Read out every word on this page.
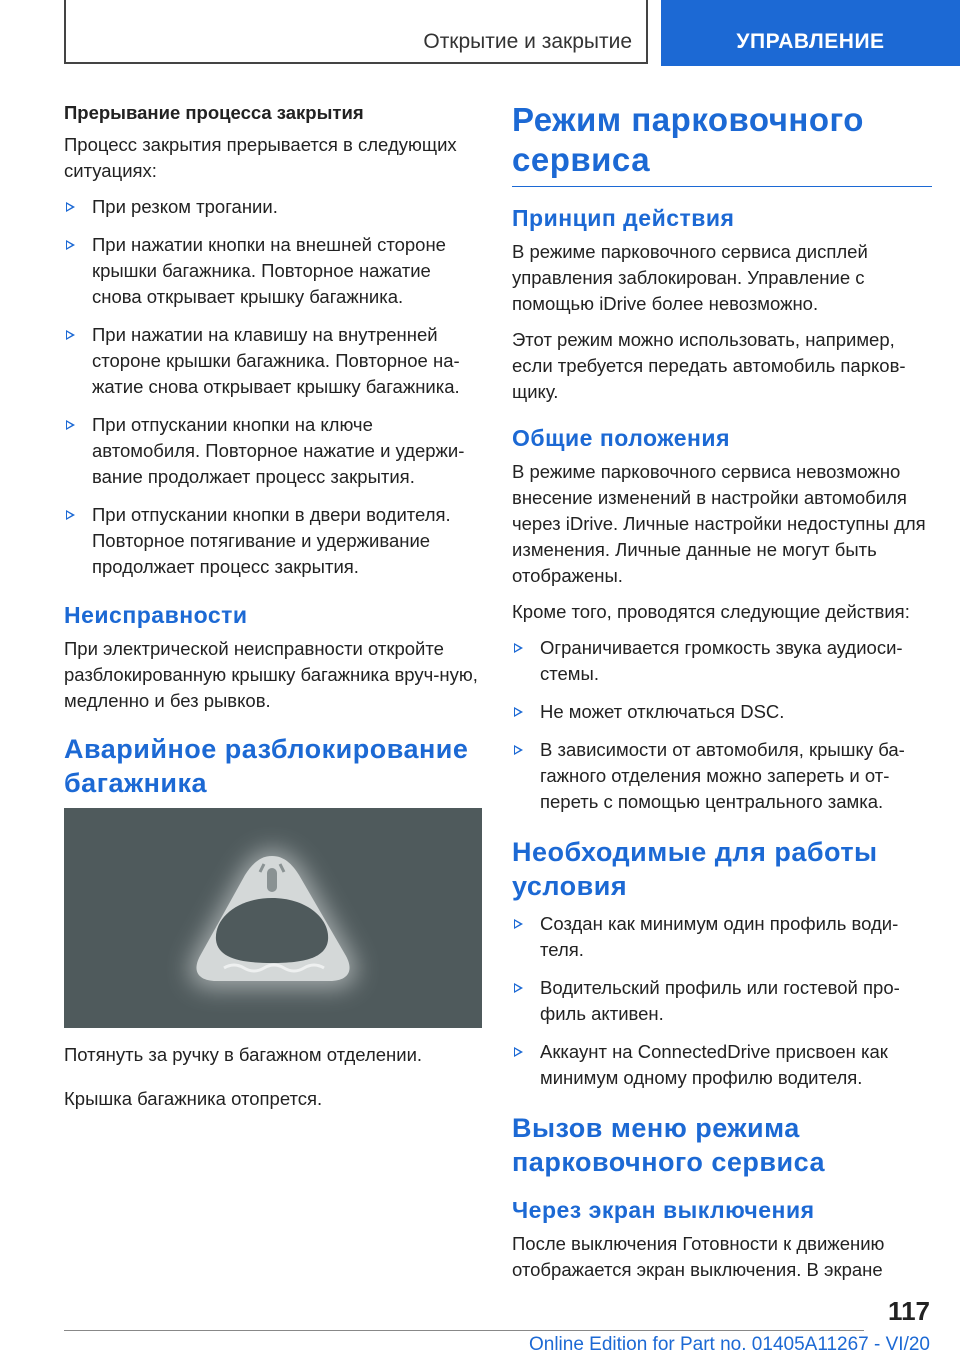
Открытие и закрытие	УПРАВЛЕНИЕ
Прерывание процесса закрытия

Процесс закрытия прерывается в следующих ситуациях:

При резком трогании.
При нажатии кнопки на внешней стороне крышки багажника. Повторное нажатие снова открывает крышку багажника.
При нажатии на клавишу на внутренней стороне крышки багажника. Повторное на-жатие снова открывает крышку багажника.
При отпускании кнопки на ключе автомобиля. Повторное нажатие и удержи-вание продолжает процесс закрытия.
При отпускании кнопки в двери водителя. Повторное потягивание и удерживание продолжает процесс закрытия.
Неисправности

При электрической неисправности откройте разблокированную крышку багажника вруч-ную, медленно и без рывков.

Аварийное разблокирование багажника

Потянуть за ручку в багажном отделении.

Крышка багажника отопрется.

Режим парковочного сервиса
Принцип действия

В режиме парковочного сервиса дисплей управления заблокирован. Управление с помощью iDrive более невозможно.

Этот режим можно использовать, например, если требуется передать автомобиль парков-щику.

Общие положения

В режиме парковочного сервиса невозможно внесение изменений в настройки автомобиля через iDrive. Личные настройки недоступны для изменения. Личные данные не могут быть отображены.

Кроме того, проводятся следующие действия:

Ограничивается громкость звука аудиоси-стемы.
Не может отключаться DSC.
В зависимости от автомобиля, крышку ба-гажного отделения можно запереть и от-переть с помощью центрального замка.
Необходимые для работы условия
Создан как минимум один профиль води-теля.
Водительский профиль или гостевой про-филь активен.
Аккаунт на ConnectedDrive присвоен как минимум одному профилю водителя.
Вызов меню режима парковочного сервиса
Через экран выключения

После выключения Готовности к движению отображается экран выключения. В экране

117
Online Edition for Part no. 01405A11267 - VI/20
